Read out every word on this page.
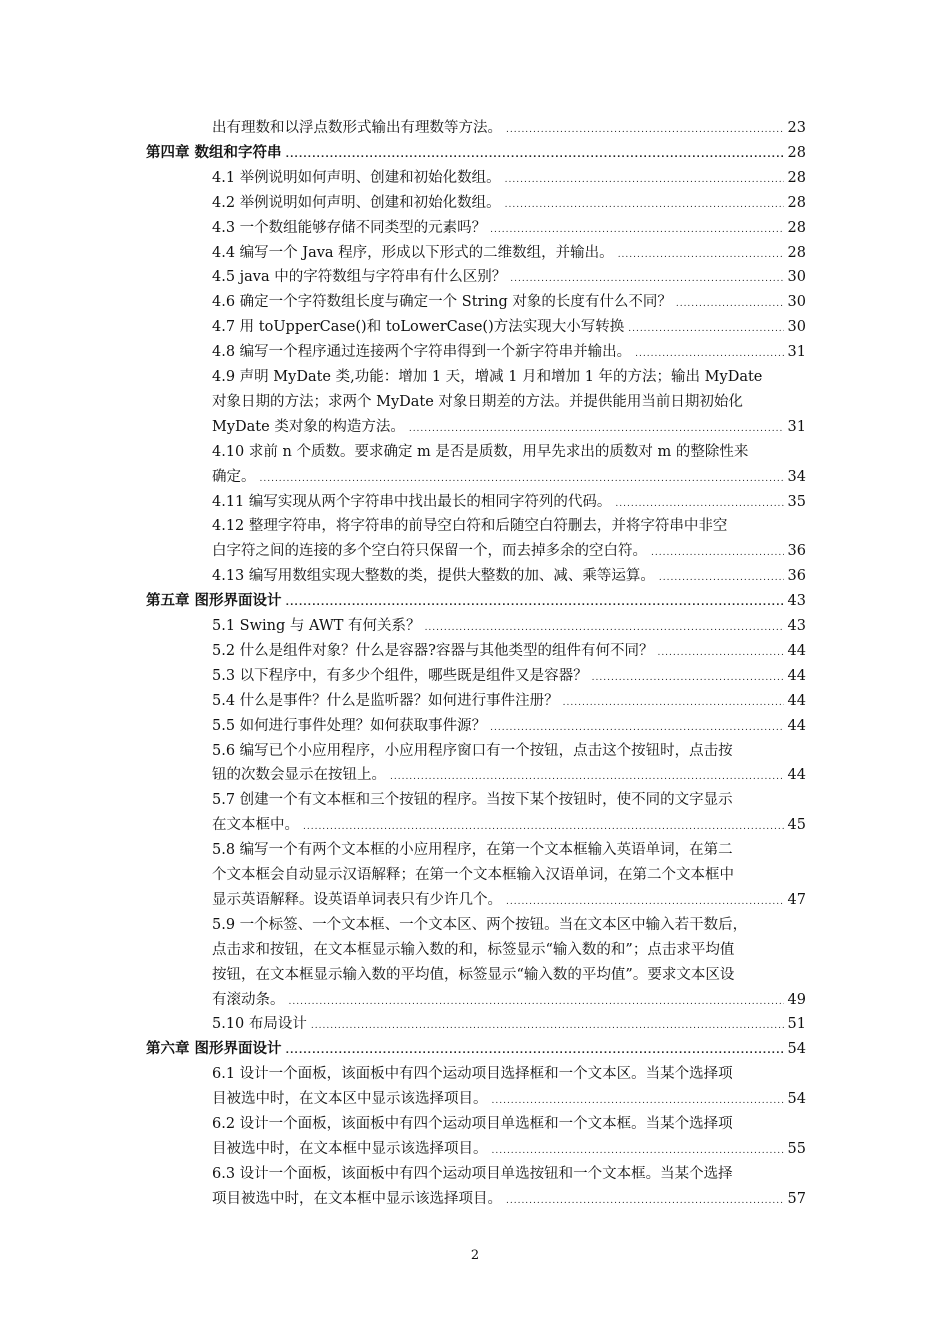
出有理数和以浮点数形式输出有理数等方法。 .....	23
第四章 数组和字符串 .....	28
4.1 举例说明如何声明、创建和初始化数组。 .....	28
4.2 举例说明如何声明、创建和初始化数组。 .....	28
4.3 一个数组能够存储不同类型的元素吗？ .....	28
4.4 编写一个 Java 程序，形成以下形式的二维数组，并输出。 .....	28
4.5 java 中的字符数组与字符串有什么区别？ .....	30
4.6 确定一个字符数组长度与确定一个 String 对象的长度有什么不同？ .....	30
4.7 用 toUpperCase()和 toLowerCase()方法实现大小写转换 .....	30
4.8 编写一个程序通过连接两个字符串得到一个新字符串并输出。 .....	31
4.9 声明 MyDate 类,功能：增加 1 天，增减 1 月和增加 1 年的方法；输出 MyDate
对象日期的方法；求两个 MyDate 对象日期差的方法。并提供能用当前日期初始化
MyDate 类对象的构造方法。 .....	31
4.10 求前 n 个质数。要求确定 m 是否是质数，用早先求出的质数对 m 的整除性来
确定。 .....	34
4.11 编写实现从两个字符串中找出最长的相同字符列的代码。 .....	35
4.12 整理字符串，将字符串的前导空白符和后随空白符删去，并将字符串中非空
白字符之间的连接的多个空白符只保留一个，而去掉多余的空白符。 .....	36
4.13 编写用数组实现大整数的类，提供大整数的加、减、乘等运算。 .....	36
第五章 图形界面设计 .....	43
5.1 Swing 与 AWT 有何关系？ .....	43
5.2 什么是组件对象？什么是容器?容器与其他类型的组件有何不同？ .....	44
5.3 以下程序中，有多少个组件，哪些既是组件又是容器？ .....	44
5.4 什么是事件？什么是监听器？如何进行事件注册？ .....	44
5.5 如何进行事件处理？如何获取事件源？ .....	44
5.6 编写已个小应用程序，小应用程序窗口有一个按钮，点击这个按钮时，点击按
钮的次数会显示在按钮上。 .....	44
5.7 创建一个有文本框和三个按钮的程序。当按下某个按钮时，使不同的文字显示
在文本框中。 .....	45
5.8 编写一个有两个文本框的小应用程序，在第一个文本框输入英语单词，在第二
个文本框会自动显示汉语解释；在第一个文本框输入汉语单词，在第二个文本框中
显示英语解释。设英语单词表只有少许几个。 .....	47
5.9 一个标签、一个文本框、一个文本区、两个按钮。当在文本区中输入若干数后，
点击求和按钮，在文本框显示输入数的和，标签显示“输入数的和”；点击求平均值
按钮，在文本框显示输入数的平均值，标签显示“输入数的平均值”。要求文本区设
有滚动条。 .....	49
5.10 布局设计 .....	51
第六章 图形界面设计 .....	54
6.1 设计一个面板，该面板中有四个运动项目选择框和一个文本区。当某个选择项
目被选中时，在文本区中显示该选择项目。 .....	54
6.2 设计一个面板，该面板中有四个运动项目单选框和一个文本框。当某个选择项
目被选中时，在文本框中显示该选择项目。 .....	55
6.3 设计一个面板，该面板中有四个运动项目单选按钮和一个文本框。当某个选择
项目被选中时，在文本框中显示该选择项目。 .....	57
2
